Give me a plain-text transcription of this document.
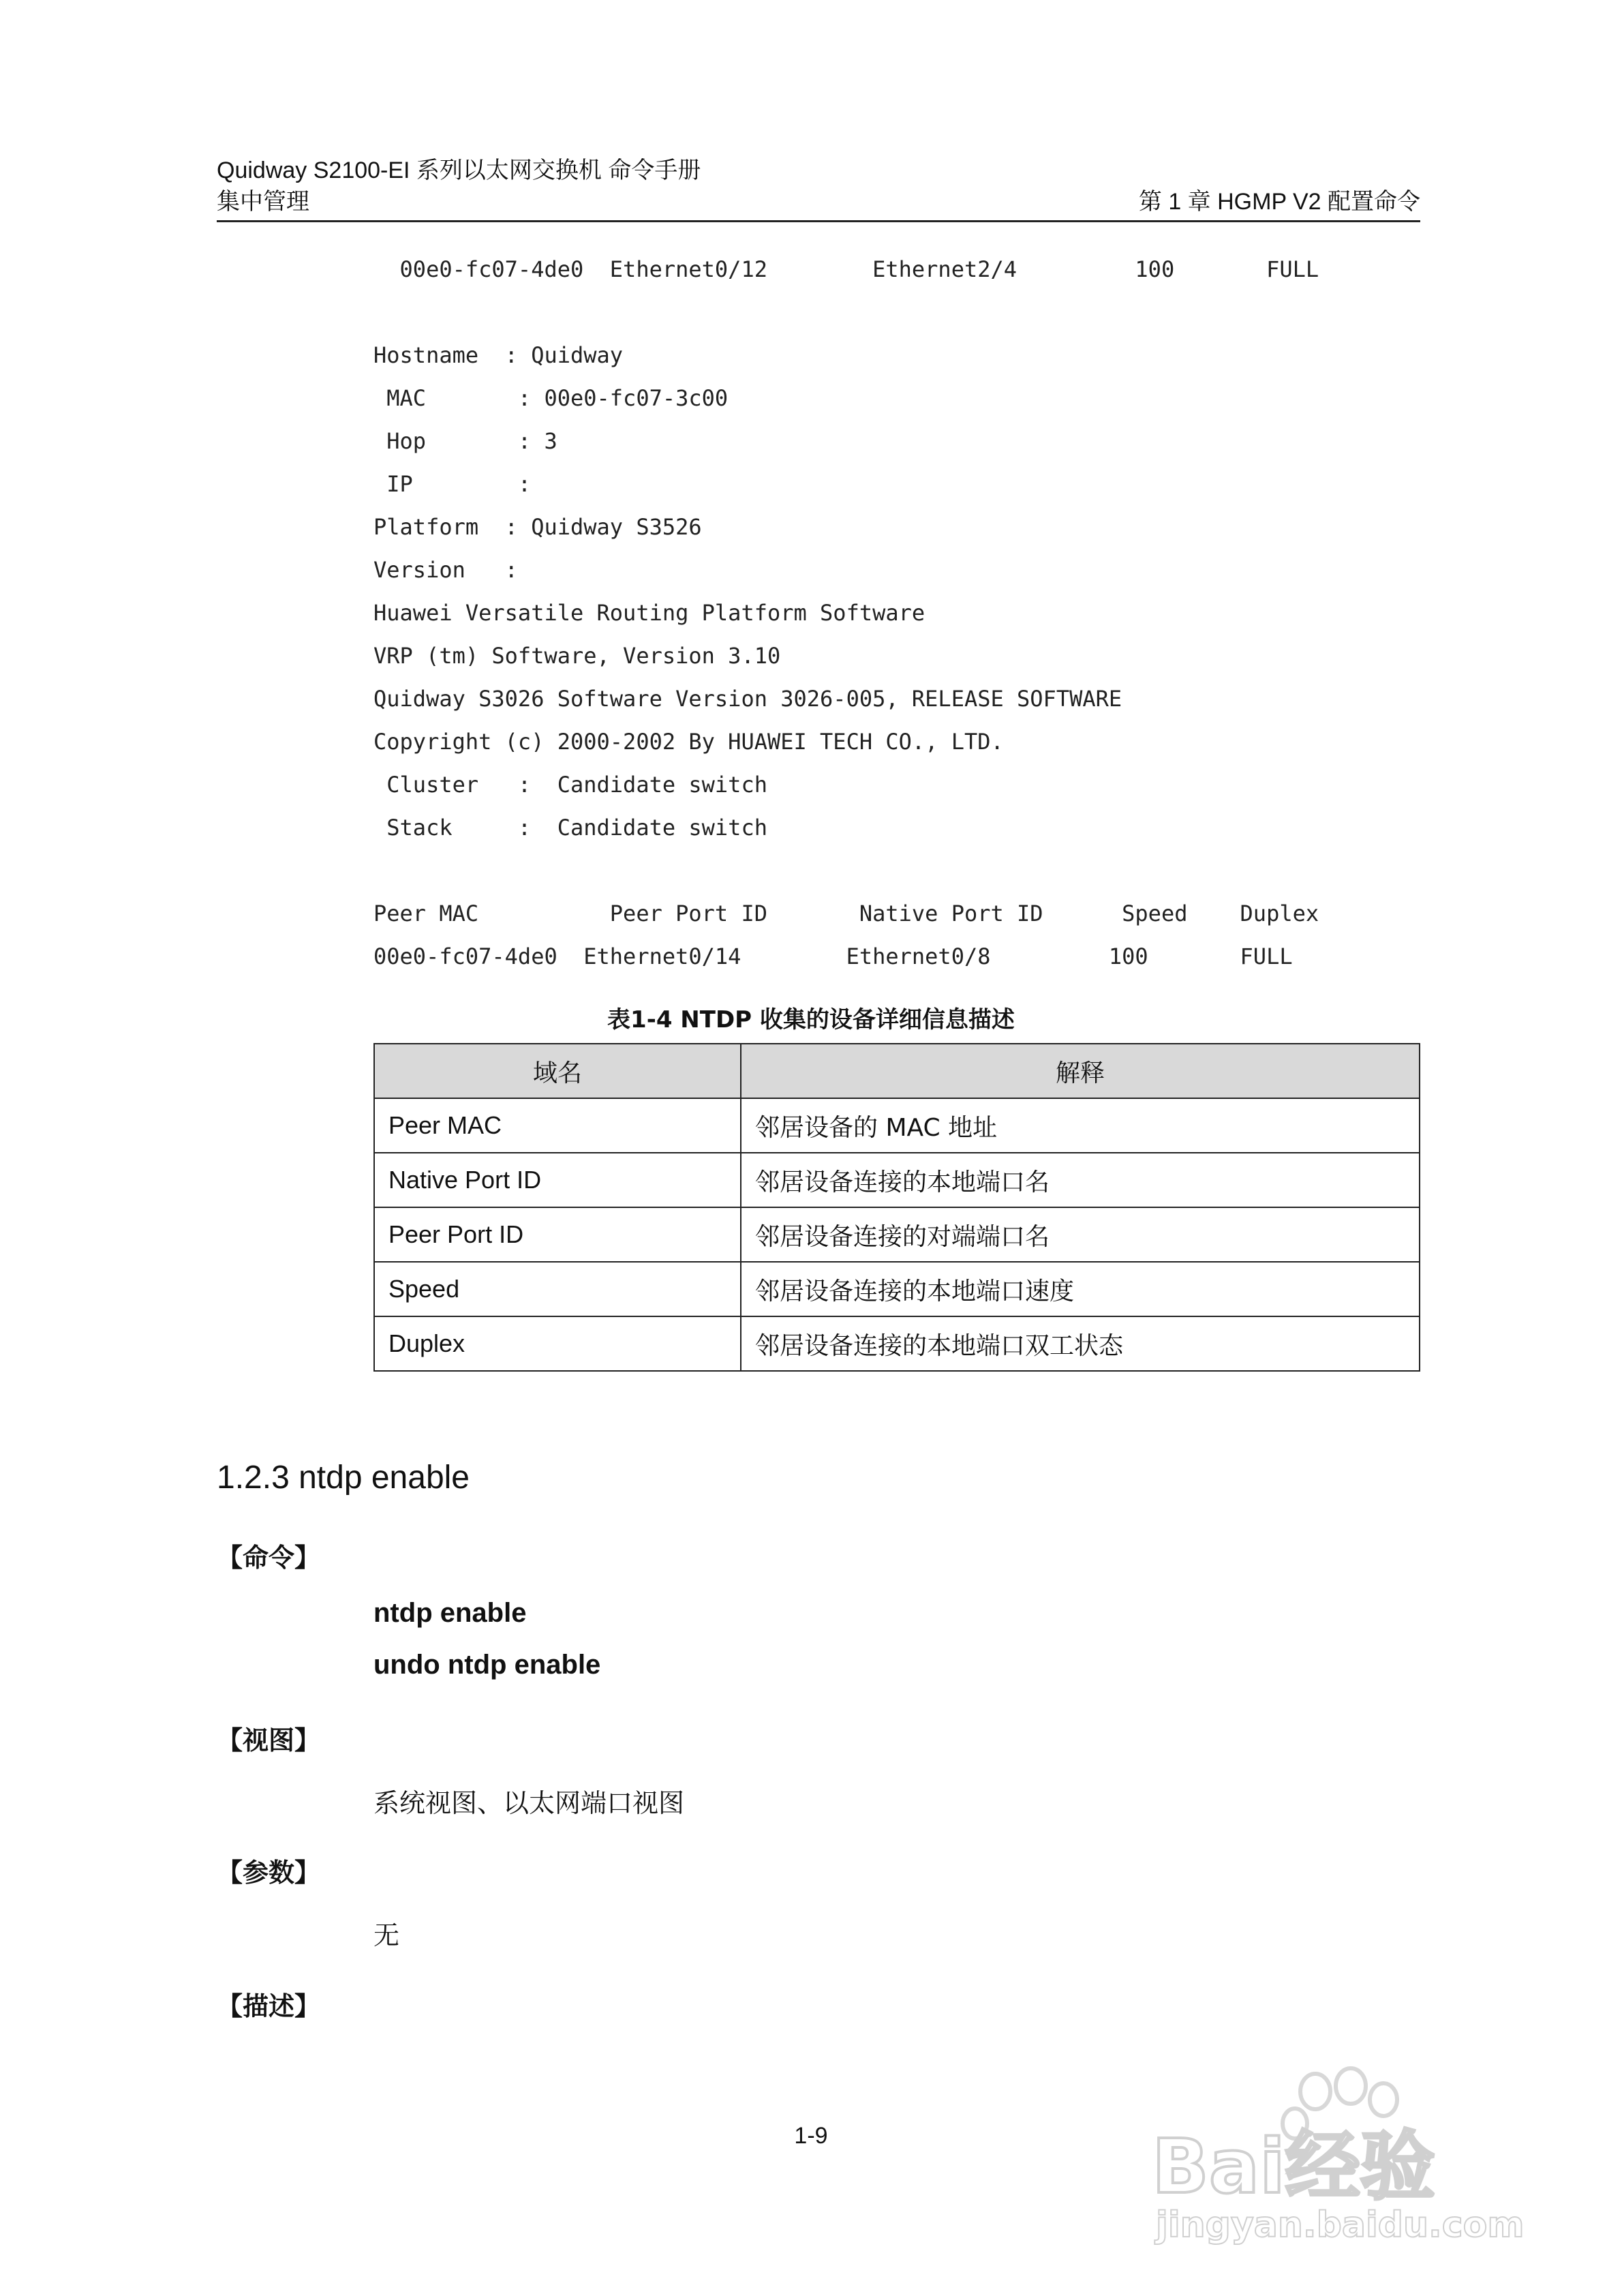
Quidway S2100-EI 系列以太网交换机 命令手册
集中管理	第 1 章 HGMP V2 配置命令
00e0-fc07-4de0  Ethernet0/12        Ethernet2/4         100       FULL
Hostname  : Quidway
MAC       : 00e0-fc07-3c00
Hop       : 3
IP        :
Platform  : Quidway S3526
Version   :
Huawei Versatile Routing Platform Software
VRP (tm) Software, Version 3.10
Quidway S3026 Software Version 3026-005, RELEASE SOFTWARE
Copyright (c) 2000-2002 By HUAWEI TECH CO., LTD.
Cluster   :  Candidate switch
Stack     :  Candidate switch
Peer MAC          Peer Port ID       Native Port ID      Speed    Duplex
00e0-fc07-4de0  Ethernet0/14        Ethernet0/8         100       FULL
表1-4 NTDP 收集的设备详细信息描述
域名	解释
Peer MAC	邻居设备的 MAC 地址
Native Port ID	邻居设备连接的本地端口名
Peer Port ID	邻居设备连接的对端端口名
Speed	邻居设备连接的本地端口速度
Duplex	邻居设备连接的本地端口双工状态
1.2.3 ntdp enable
【命令】
ntdp enable
undo ntdp enable
【视图】
系统视图、以太网端口视图
【参数】
无
【描述】
1-9	Bai经验
jingyan.baidu.com
